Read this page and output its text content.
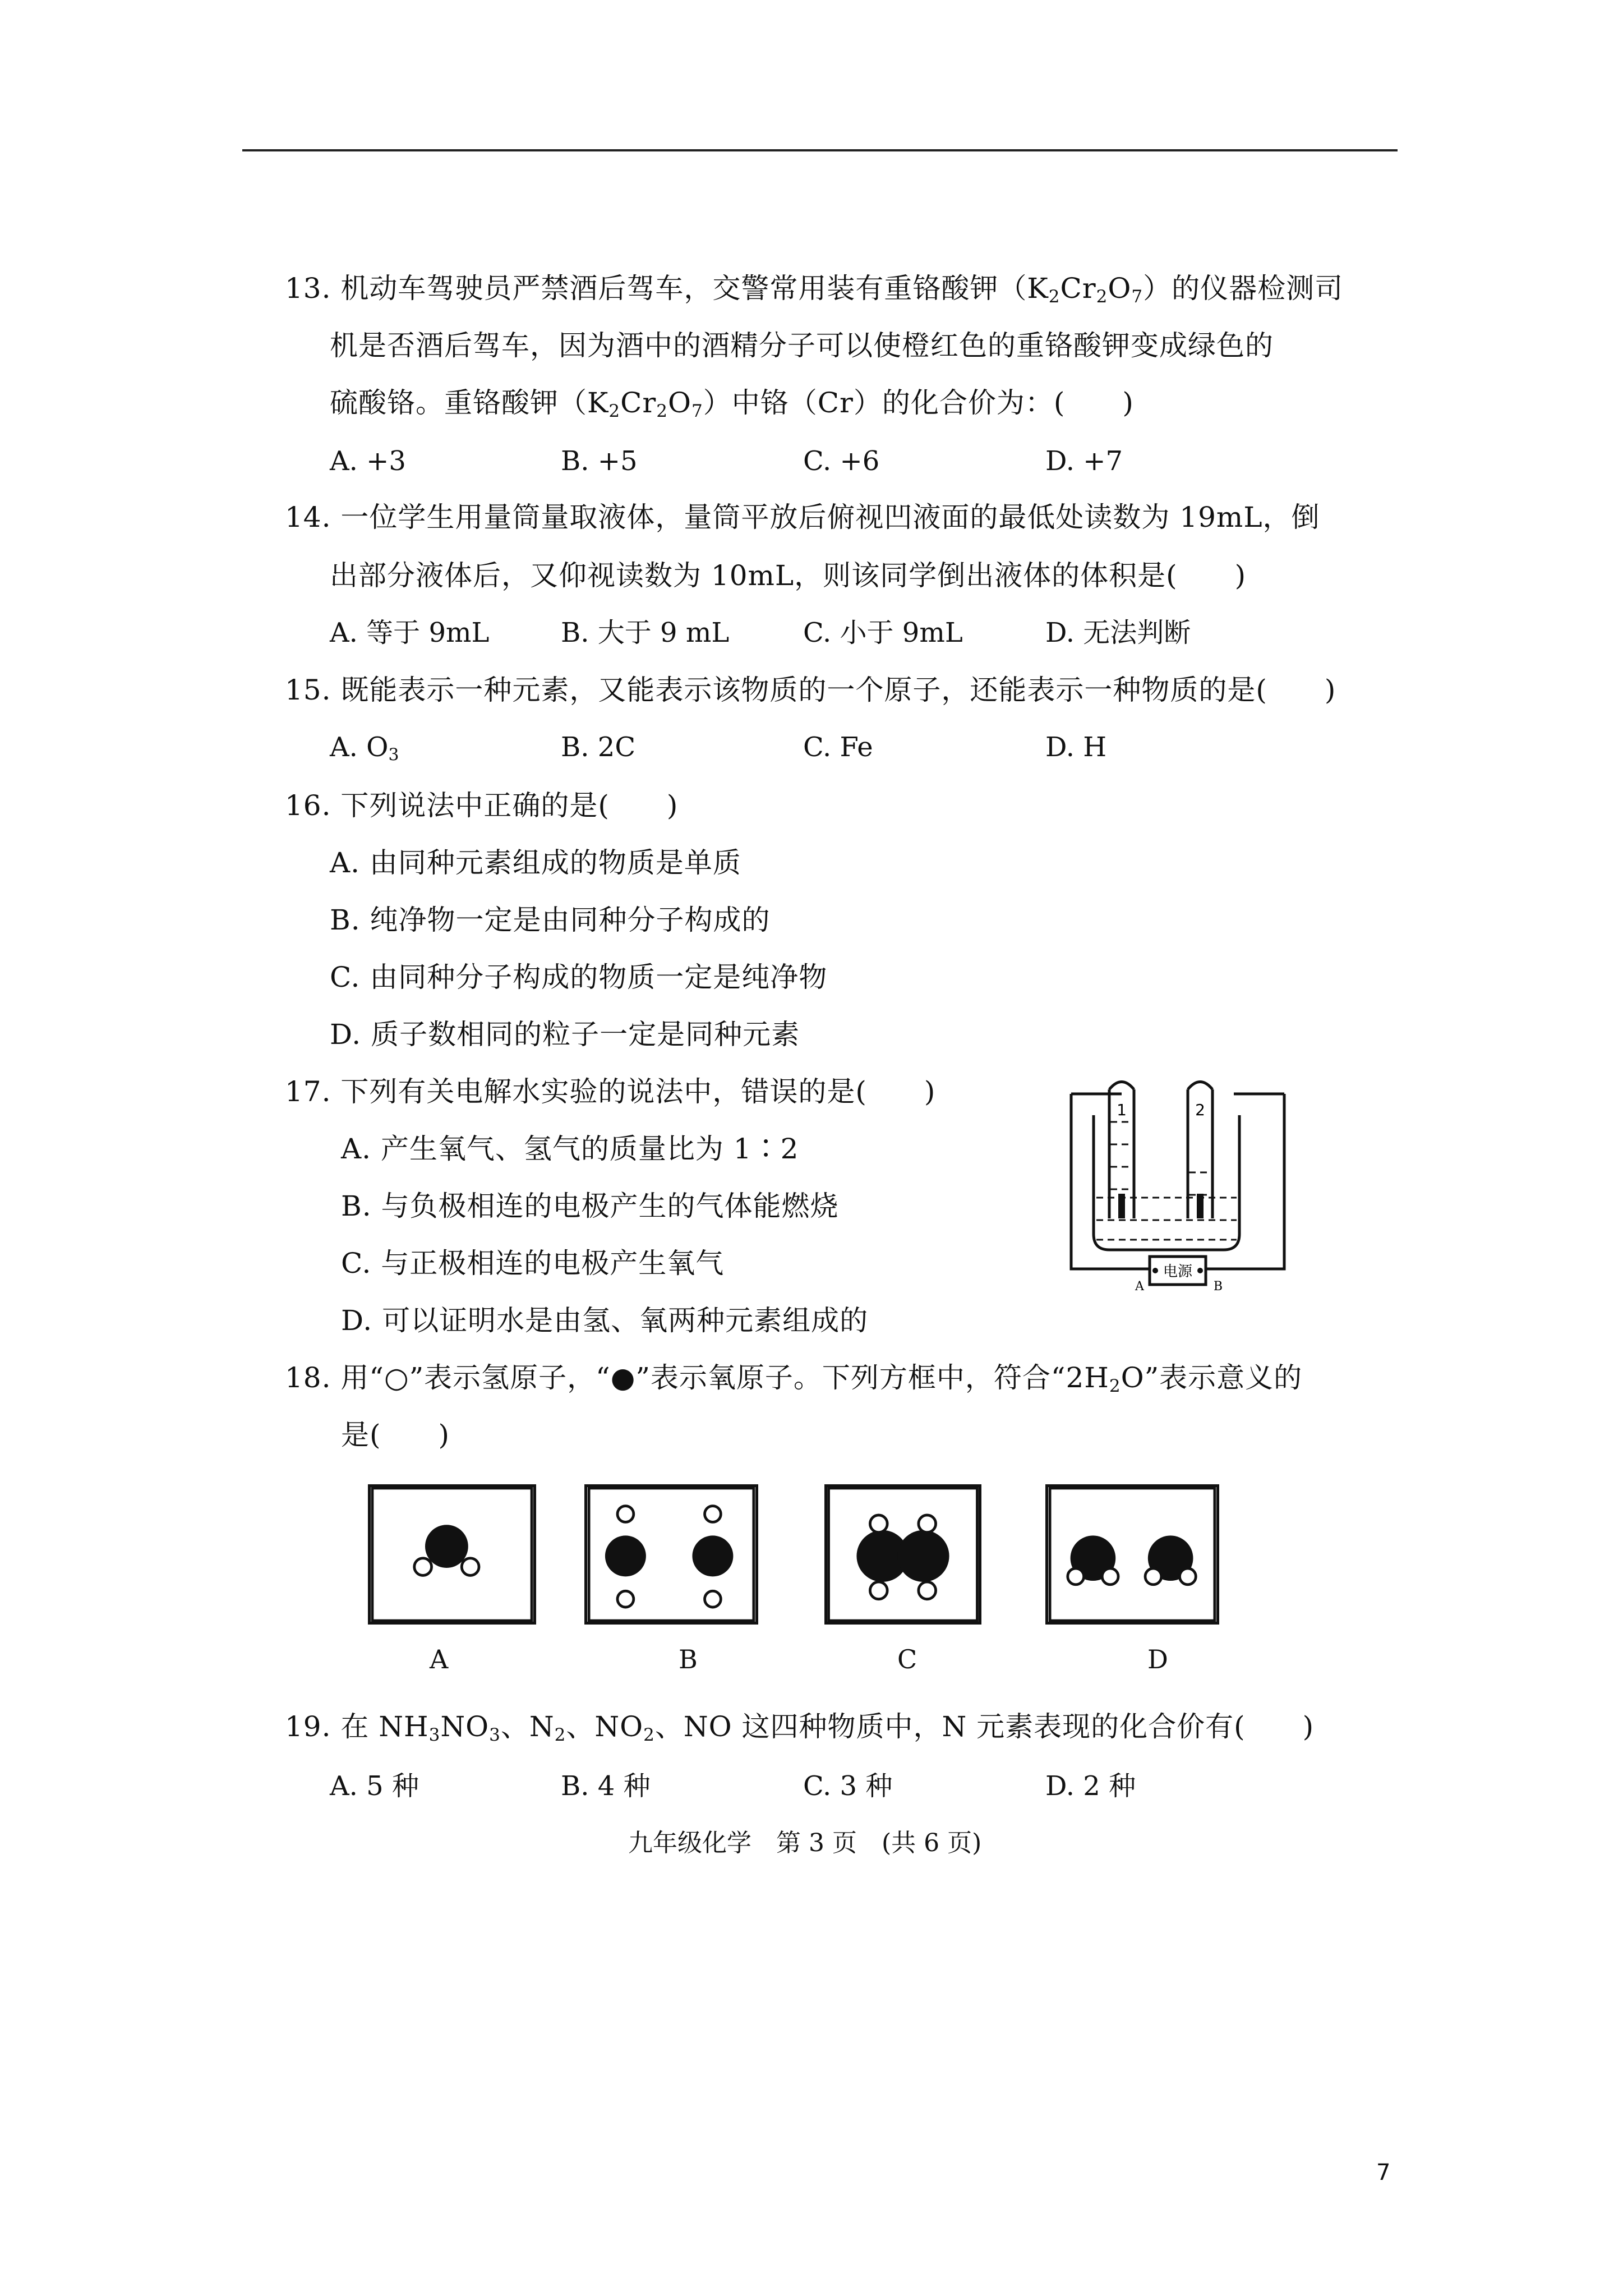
13. 机动车驾驶员严禁酒后驾车，交警常用装有重铬酸钾$(K_2Cr_2O_7)$的仪器检测司
机是否酒后驾车，因为酒中的酒精分子可以使橙红色的重铬酸钾变成绿色的
硫酸铬。重铬酸钾$(K_2Cr_2O_7)$中铬（Cr）的化合价为：(　　)
A. +3	B. +5	C. +6	D. +7
14. 一位学生用量筒量取液体，量筒平放后俯视凹液面的最低处读数为 19mL，倒
出部分液体后，又仰视读数为 10mL，则该同学倒出液体的体积是(　　)
A. 等于 9mL	B. 大于 9 mL	C. 小于 9mL	D. 无法判断
15. 既能表示一种元素，又能表示该物质的一个原子，还能表示一种物质的是(　　)
A. $O_3$	B. 2C	C. Fe	D. H
16. 下列说法中正确的是(　　)
A. 由同种元素组成的物质是单质
B. 纯净物一定是由同种分子构成的
C. 由同种分子构成的物质一定是纯净物
D. 质子数相同的粒子一定是同种元素
17. 下列有关电解水实验的说法中，错误的是(　　)
A. 产生氧气、氢气的质量比为 1∶2
B. 与负极相连的电极产生的气体能燃烧
C. 与正极相连的电极产生氧气
D. 可以证明水是由氢、氧两种元素组成的
1	2
电源
A	B
18. 用“○”表示氢原子，“●”表示氧原子。下列方框中，符合“$2H_2O$”表示意义的
是(　　)
A	B	C	D
19. 在 $NH_3NO_3$、$N_2$、$NO_2$、NO 这四种物质中，N 元素表现的化合价有(　　)
A. 5 种	B. 4 种	C. 3 种	D. 2 种
九年级化学　第 3 页　(共 6 页)
7
